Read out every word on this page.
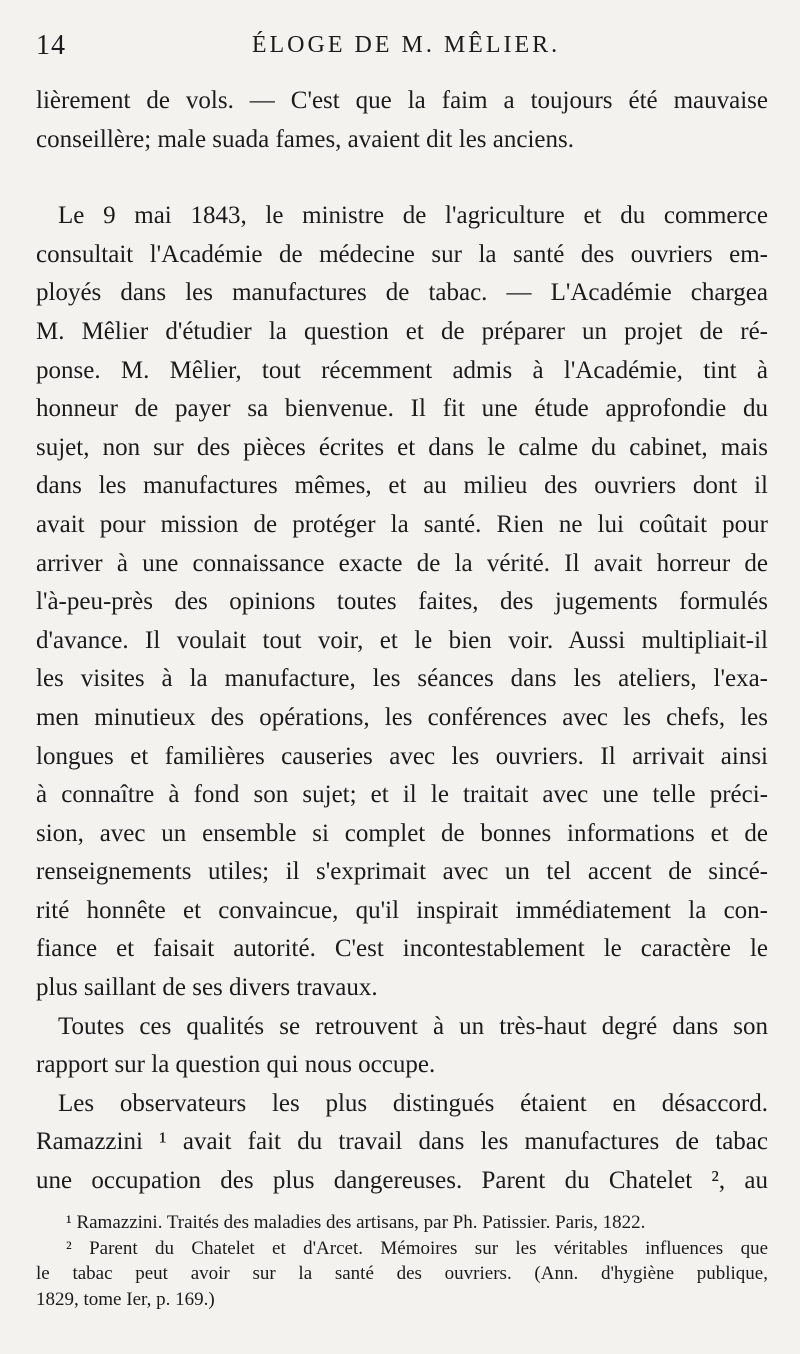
14	ÉLOGE DE M. MÊLIER.

lièrement de vols. — C'est que la faim a toujours été mauvaise

conseillère; male suada fames, avaient dit les anciens.

Le 9 mai 1843, le ministre de l'agriculture et du commerce

consultait l'Académie de médecine sur la santé des ouvriers em-

ployés dans les manufactures de tabac. — L'Académie chargea

M. Mêlier d'étudier la question et de préparer un projet de ré-

ponse. M. Mêlier, tout récemment admis à l'Académie, tint à

honneur de payer sa bienvenue. Il fit une étude approfondie du

sujet, non sur des pièces écrites et dans le calme du cabinet, mais

dans les manufactures mêmes, et au milieu des ouvriers dont il

avait pour mission de protéger la santé. Rien ne lui coûtait pour

arriver à une connaissance exacte de la vérité. Il avait horreur de

l'à-peu-près des opinions toutes faites, des jugements formulés

d'avance. Il voulait tout voir, et le bien voir. Aussi multipliait-il

les visites à la manufacture, les séances dans les ateliers, l'exa-

men minutieux des opérations, les conférences avec les chefs, les

longues et familières causeries avec les ouvriers. Il arrivait ainsi

à connaître à fond son sujet; et il le traitait avec une telle préci-

sion, avec un ensemble si complet de bonnes informations et de

renseignements utiles; il s'exprimait avec un tel accent de sincé-

rité honnête et convaincue, qu'il inspirait immédiatement la con-

fiance et faisait autorité. C'est incontestablement le caractère le

plus saillant de ses divers travaux.

Toutes ces qualités se retrouvent à un très-haut degré dans son

rapport sur la question qui nous occupe.

Les observateurs les plus distingués étaient en désaccord.

Ramazzini ¹ avait fait du travail dans les manufactures de tabac

une occupation des plus dangereuses. Parent du Chatelet ², au

¹ Ramazzini. Traités des maladies des artisans, par Ph. Patissier. Paris, 1822.

² Parent du Chatelet et d'Arcet. Mémoires sur les véritables influences que

le tabac peut avoir sur la santé des ouvriers. (Ann. d'hygiène publique,

1829, tome Ier, p. 169.)
